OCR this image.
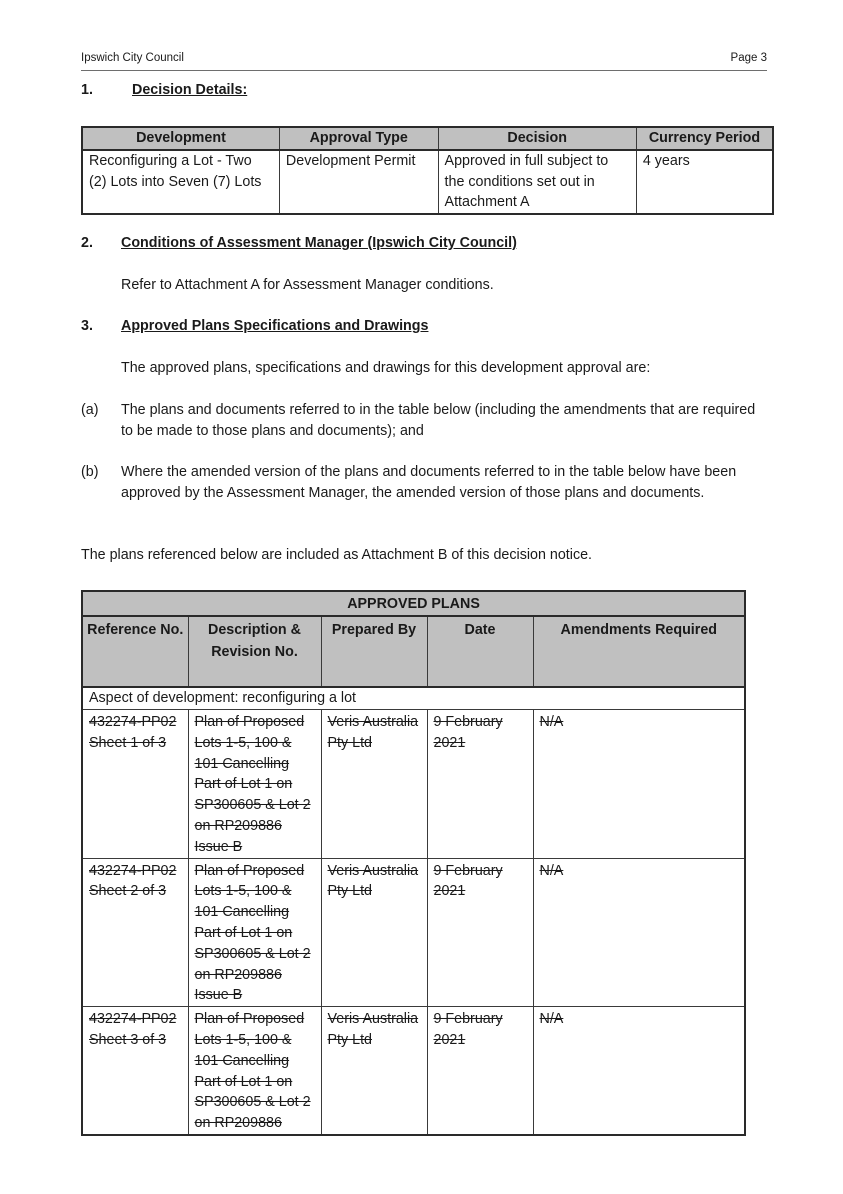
Ipswich City Council	Page 3
1.	Decision Details:
Development	Approval Type	Decision	Currency Period
Reconfiguring a Lot - Two (2) Lots into Seven (7) Lots	Development Permit	Approved in full subject to the conditions set out in Attachment A	4 years
2. Conditions of Assessment Manager (Ipswich City Council)
Refer to Attachment A for Assessment Manager conditions.
3. Approved Plans Specifications and Drawings
The approved plans, specifications and drawings for this development approval are:
(a) The plans and documents referred to in the table below (including the amendments that are required to be made to those plans and documents); and
(b) Where the amended version of the plans and documents referred to in the table below have been approved by the Assessment Manager, the amended version of those plans and documents.
The plans referenced below are included as Attachment B of this decision notice.
APPROVED PLANS				
Reference No.	Description & Revision No.	Prepared By	Date	Amendments Required
Aspect of development: reconfiguring a lot				
432274-PP02 Sheet 1 of 3	Plan of Proposed Lots 1-5, 100 & 101 Cancelling Part of Lot 1 on SP300605 & Lot 2 on RP209886 Issue B	Veris Australia Pty Ltd	9 February 2021	N/A
432274-PP02 Sheet 2 of 3	Plan of Proposed Lots 1-5, 100 & 101 Cancelling Part of Lot 1 on SP300605 & Lot 2 on RP209886 Issue B	Veris Australia Pty Ltd	9 February 2021	N/A
432274-PP02 Sheet 3 of 3	Plan of Proposed Lots 1-5, 100 & 101 Cancelling Part of Lot 1 on SP300605 & Lot 2 on RP209886	Veris Australia Pty Ltd	9 February 2021	N/A
